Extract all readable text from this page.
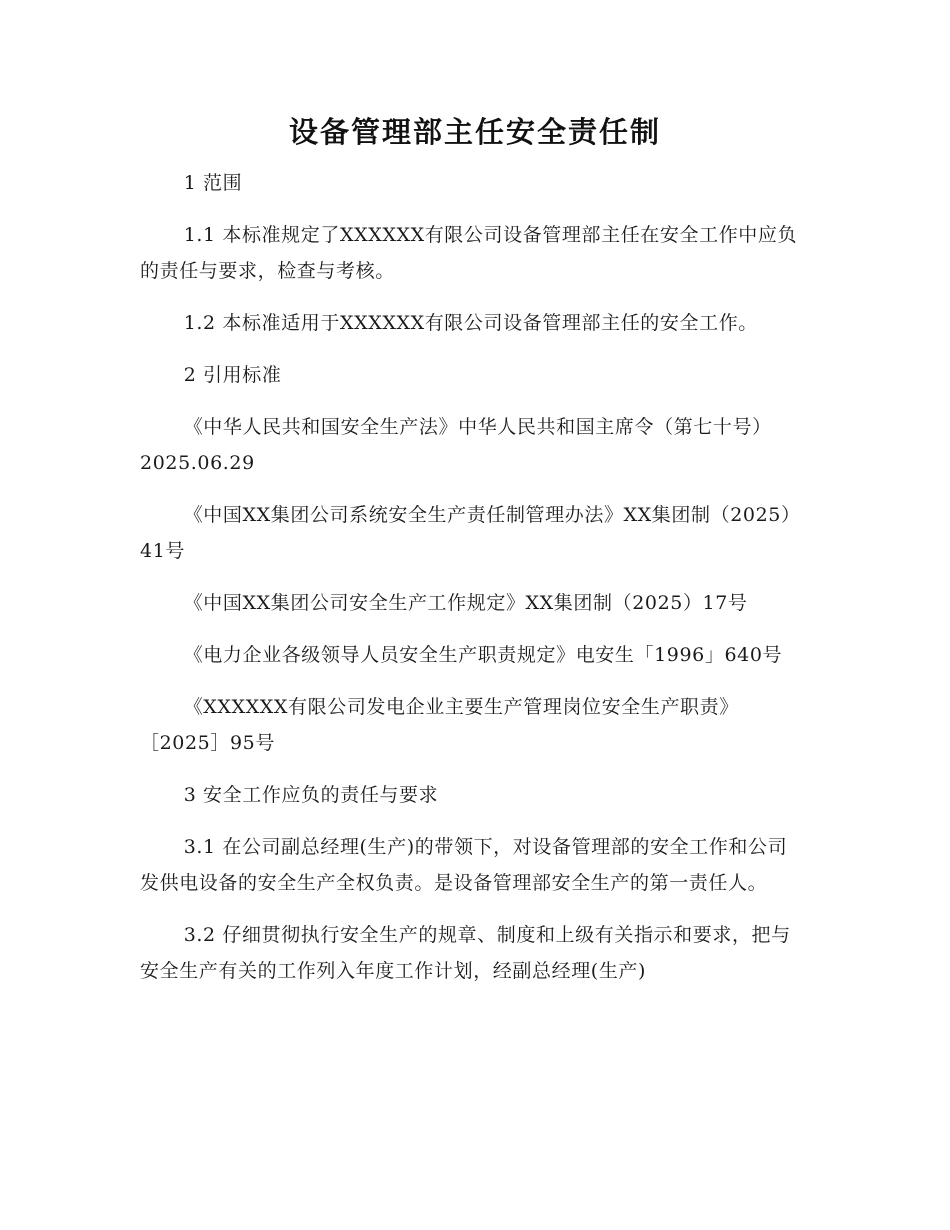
设备管理部主任安全责任制

1 范围

1.1 本标准规定了XXXXXX有限公司设备管理部主任在安全工作中应负的责任与要求，检查与考核。

1.2 本标准适用于XXXXXX有限公司设备管理部主任的安全工作。

2 引用标准

《中华人民共和国安全生产法》中华人民共和国主席令（第七十号）2025.06.29

《中国XX集团公司系统安全生产责任制管理办法》XX集团制（2025）41号

《中国XX集团公司安全生产工作规定》XX集团制（2025）17号

《电力企业各级领导人员安全生产职责规定》电安生「1996」640号

《XXXXXX有限公司发电企业主要生产管理岗位安全生产职责》［2025］95号

3 安全工作应负的责任与要求

3.1 在公司副总经理(生产)的带领下，对设备管理部的安全工作和公司发供电设备的安全生产全权负责。是设备管理部安全生产的第一责任人。

3.2 仔细贯彻执行安全生产的规章、制度和上级有关指示和要求，把与安全生产有关的工作列入年度工作计划，经副总经理(生产)
